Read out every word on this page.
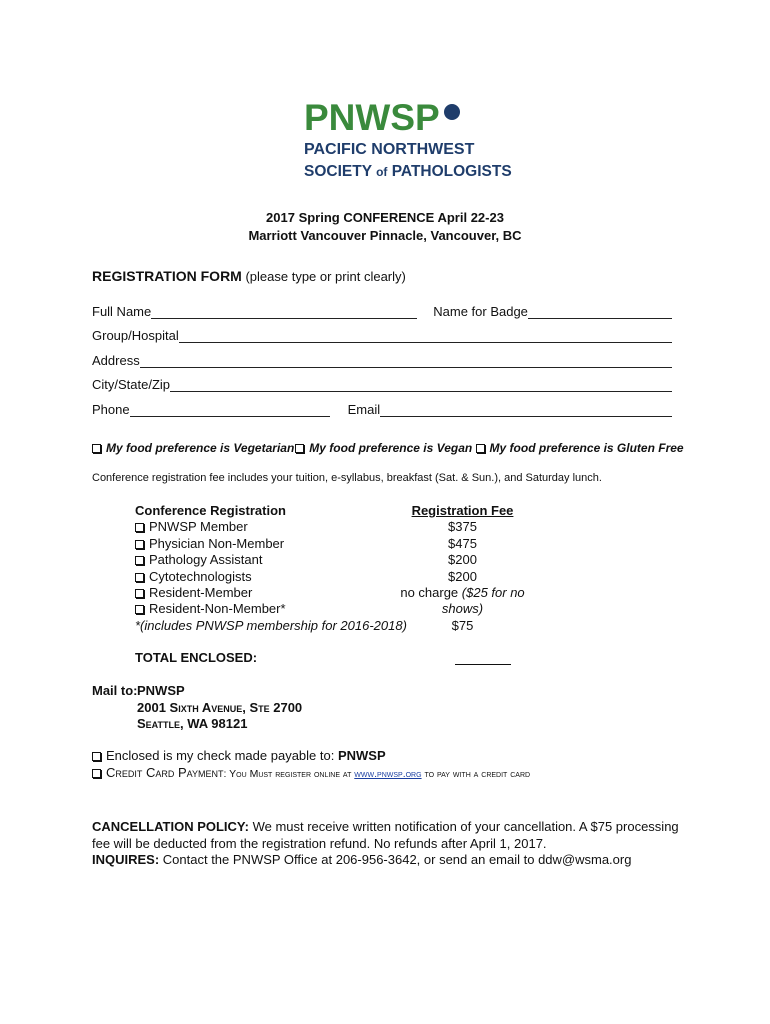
PNWSP
PACIFIC NORTHWEST
SOCIETY of PATHOLOGISTS
2017 Spring CONFERENCE April 22-23
Marriott Vancouver Pinnacle, Vancouver, BC
REGISTRATION FORM (please type or print clearly)
Full Name	Name for Badge
Group/Hospital
Address
City/State/Zip
Phone	Email
My food preference is Vegetarian My food preference is Vegan My food preference is Gluten Free
Conference registration fee includes your tuition, e-syllabus, breakfast (Sat. & Sun.), and Saturday lunch.
Conference Registration
PNWSP Member
Physician Non-Member
Pathology Assistant
Cytotechnologists
Resident-Member
Resident-Non-Member*
*(includes PNWSP membership for 2016-2018)
Registration Fee
$375
$475
$200
$200
no charge ($25 for no shows)
$75
TOTAL ENCLOSED:
Mail to: PNWSP
2001 Sixth Avenue, Ste 2700
Seattle, WA 98121
Enclosed is my check made payable to: PNWSP
Credit Card Payment: You Must register online at www.pnwsp.org to pay with a credit card
CANCELLATION POLICY: We must receive written notification of your cancellation. A $75 processing fee will be deducted from the registration refund. No refunds after April 1, 2017.
INQUIRES: Contact the PNWSP Office at 206-956-3642, or send an email to ddw@wsma.org
